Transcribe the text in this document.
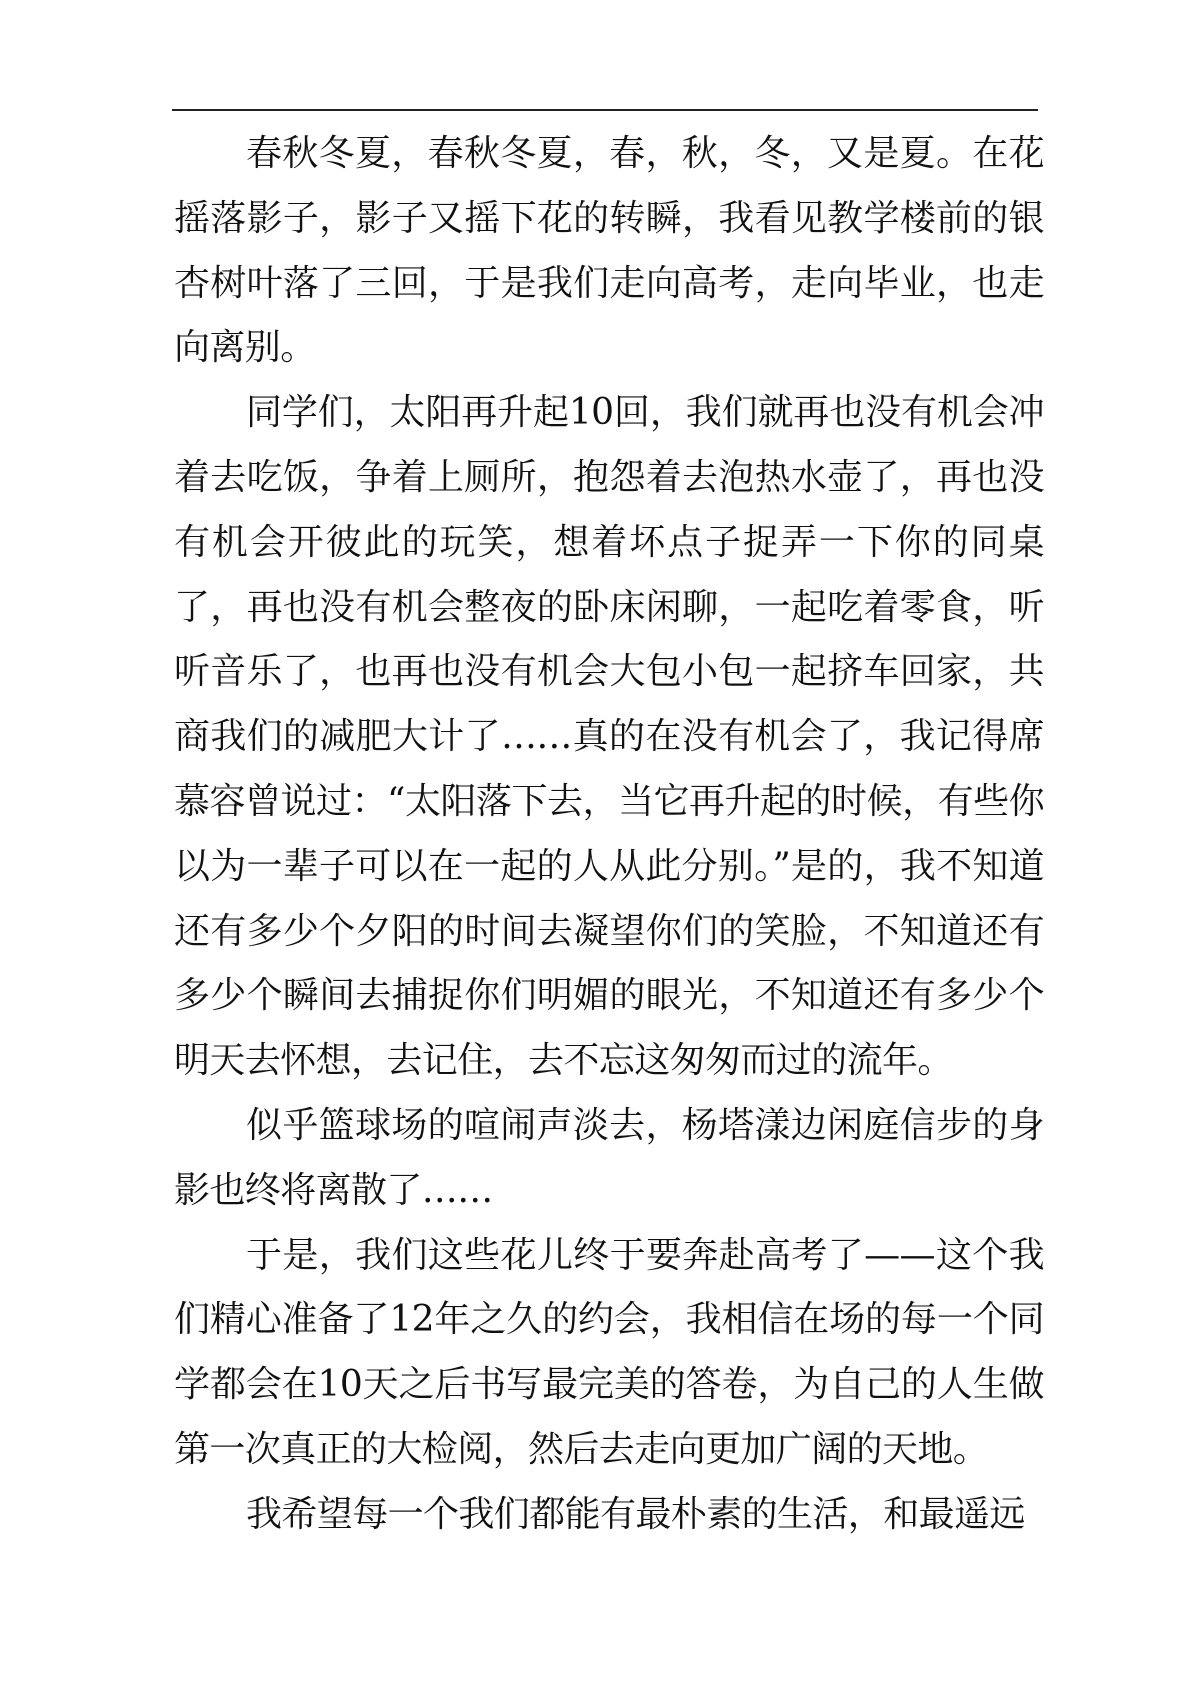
春秋冬夏，春秋冬夏，春，秋，冬，又是夏。在花摇落影子，影子又摇下花的转瞬，我看见教学楼前的银杏树叶落了三回，于是我们走向高考，走向毕业，也走向离别。

同学们，太阳再升起10回，我们就再也没有机会冲着去吃饭，争着上厕所，抱怨着去泡热水壶了，再也没有机会开彼此的玩笑，想着坏点子捉弄一下你的同桌了，再也没有机会整夜的卧床闲聊，一起吃着零食，听听音乐了，也再也没有机会大包小包一起挤车回家，共商我们的减肥大计了……真的在没有机会了，我记得席慕容曾说过：“太阳落下去，当它再升起的时候，有些你以为一辈子可以在一起的人从此分别。”是的，我不知道还有多少个夕阳的时间去凝望你们的笑脸，不知道还有多少个瞬间去捕捉你们明媚的眼光，不知道还有多少个明天去怀想，去记住，去不忘这匆匆而过的流年。

似乎篮球场的喧闹声淡去，杨塔漾边闲庭信步的身影也终将离散了……

于是，我们这些花儿终于要奔赴高考了——这个我们精心准备了12年之久的约会，我相信在场的每一个同学都会在10天之后书写最完美的答卷，为自己的人生做第一次真正的大检阅，然后去走向更加广阔的天地。

我希望每一个我们都能有最朴素的生活，和最遥远
